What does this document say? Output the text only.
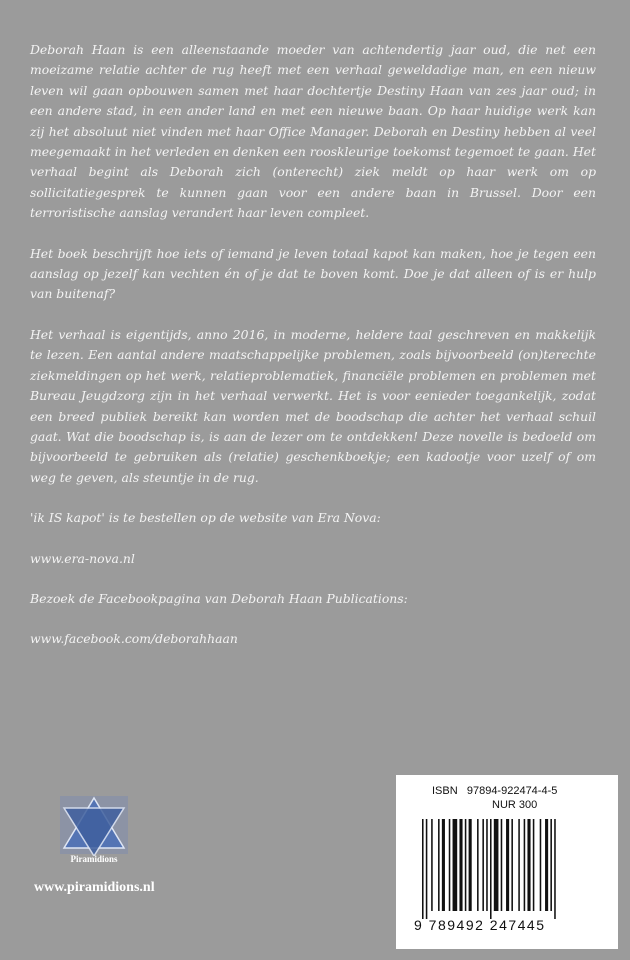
Deborah Haan is een alleenstaande moeder van achtendertig jaar oud, die net een moeizame relatie achter de rug heeft met een verhaal geweldadige man, en een nieuw leven wil gaan opbouwen samen met haar dochtertje Destiny Haan van zes jaar oud; in een andere stad, in een ander land en met een nieuwe baan. Op haar huidige werk kan zij het absoluut niet vinden met haar Office Manager. Deborah en Destiny hebben al veel meegemaakt in het verleden en denken een rooskleurige toekomst tegemoet te gaan. Het verhaal begint als Deborah zich (onterecht) ziek meldt op haar werk om op sollicitatiegesprek te kunnen gaan voor een andere baan in Brussel. Door een terroristische aanslag verandert haar leven compleet.

Het boek beschrijft hoe iets of iemand je leven totaal kapot kan maken, hoe je tegen een aanslag op jezelf kan vechten én of je dat te boven komt. Doe je dat alleen of is er hulp van buitenaf?

Het verhaal is eigentijds, anno 2016, in moderne, heldere taal geschreven en makkelijk te lezen. Een aantal andere maatschappelijke problemen, zoals bijvoorbeeld (on)terechte ziekmeldingen op het werk, relatieproblematiek, financiële problemen en problemen met Bureau Jeugdzorg zijn in het verhaal verwerkt. Het is voor eenieder toegankelijk, zodat een breed publiek bereikt kan worden met de boodschap die achter het verhaal schuil gaat. Wat die boodschap is, is aan de lezer om te ontdekken! Deze novelle is bedoeld om bijvoorbeeld te gebruiken als (relatie) geschenkboekje; een kadootje voor uzelf of om weg te geven, als steuntje in de rug.

'ik IS kapot' is te bestellen op de website van Era Nova:

www.era-nova.nl

Bezoek de Facebookpagina van Deborah Haan Publications:

www.facebook.com/deborahhaan

Piramidions
www.piramidions.nl
ISBN   97894-922474-4-5
NUR 300
9 789492 247445
